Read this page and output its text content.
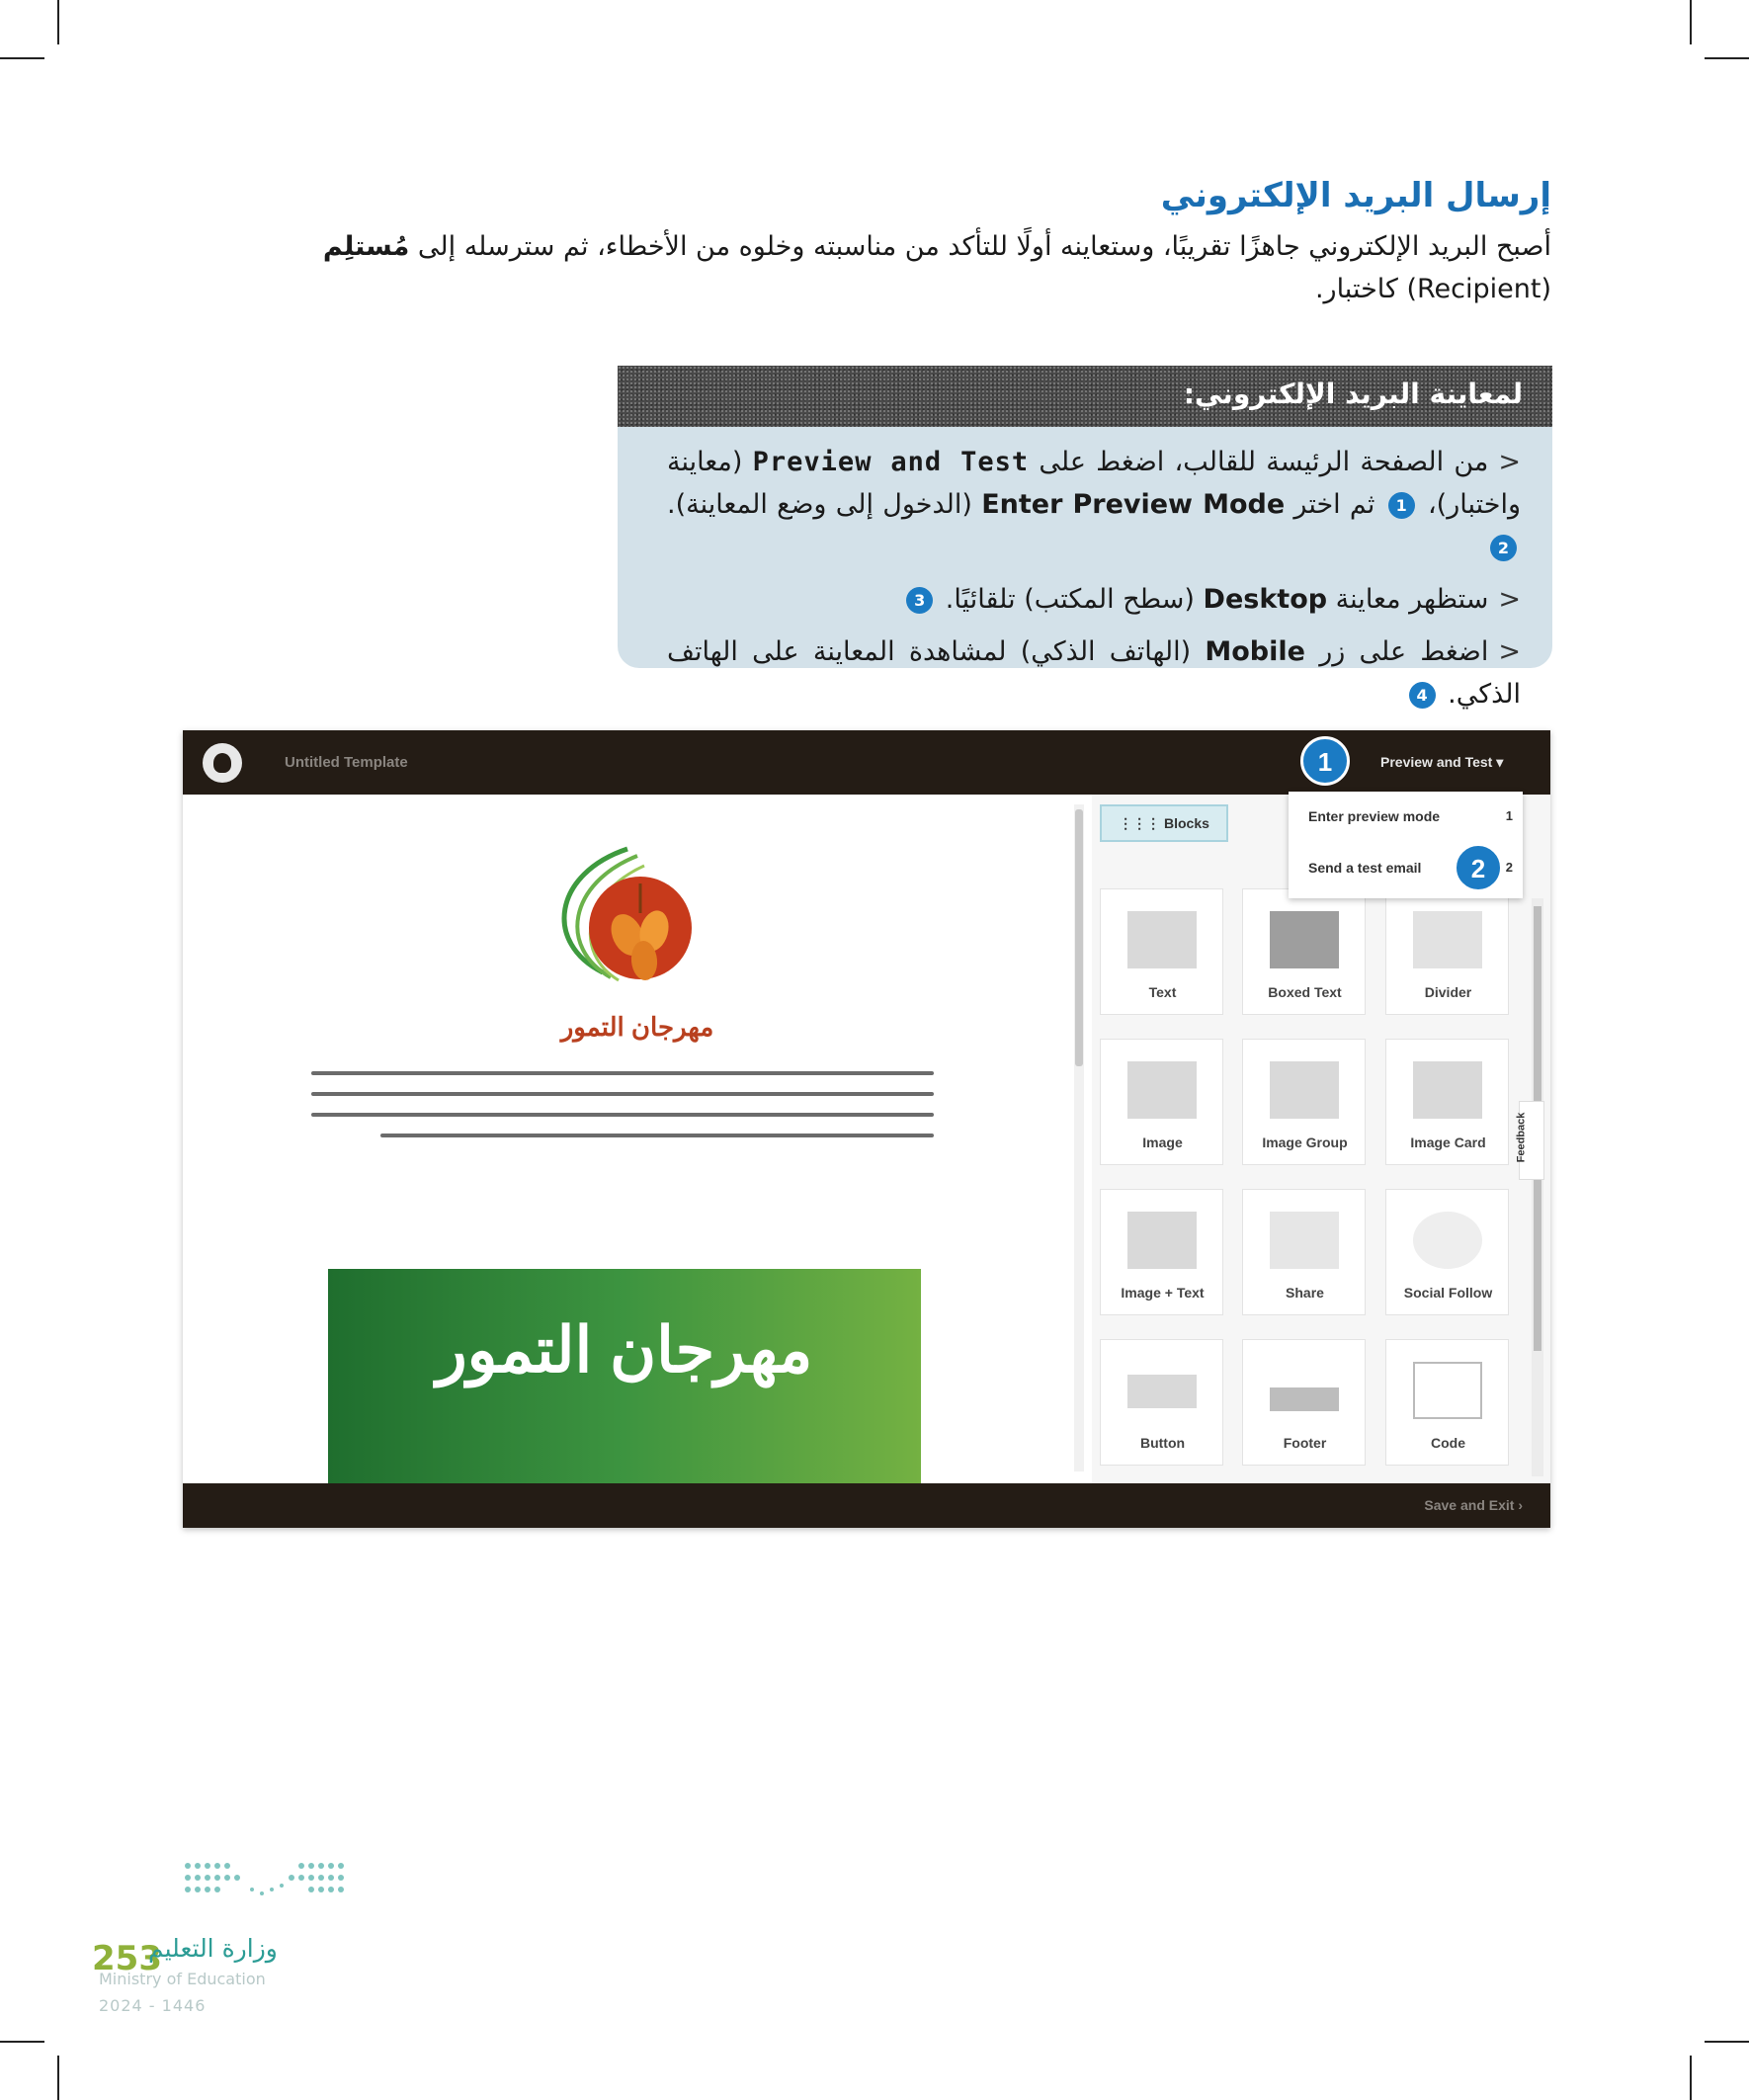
إرسال البريد الإلكتروني

أصبح البريد الإلكتروني جاهزًا تقريبًا، وستعاينه أولًا للتأكد من مناسبته وخلوه من الأخطاء، ثم سترسله إلى مُستلِم (Recipient) كاختبار.

لمعاينة البريد الإلكتروني:
< من الصفحة الرئيسة للقالب، اضغط على Preview and Test (معاينة واختبار)، 1 ثم اختر Enter Preview Mode (الدخول إلى وضع المعاينة). 2
< ستظهر معاينة Desktop (سطح المكتب) تلقائيًا. 3
< اضغط على زر Mobile (الهاتف الذكي) لمشاهدة المعاينة على الهاتف الذكي. 4
Untitled Template	Preview and Test ▾
مهرجان التمور
مهرجان التمور
⋮⋮⋮ Blocks
Text	Boxed Text	Divider
Image	Image Group	Image Card
Image + Text	Share	Social Follow
Button	Footer	Code
Enter preview mode	1
Send a test email	2
1
2
Feedback
Save and Exit ›
253
وزارة التعليم
Ministry of Education
2024 - 1446
